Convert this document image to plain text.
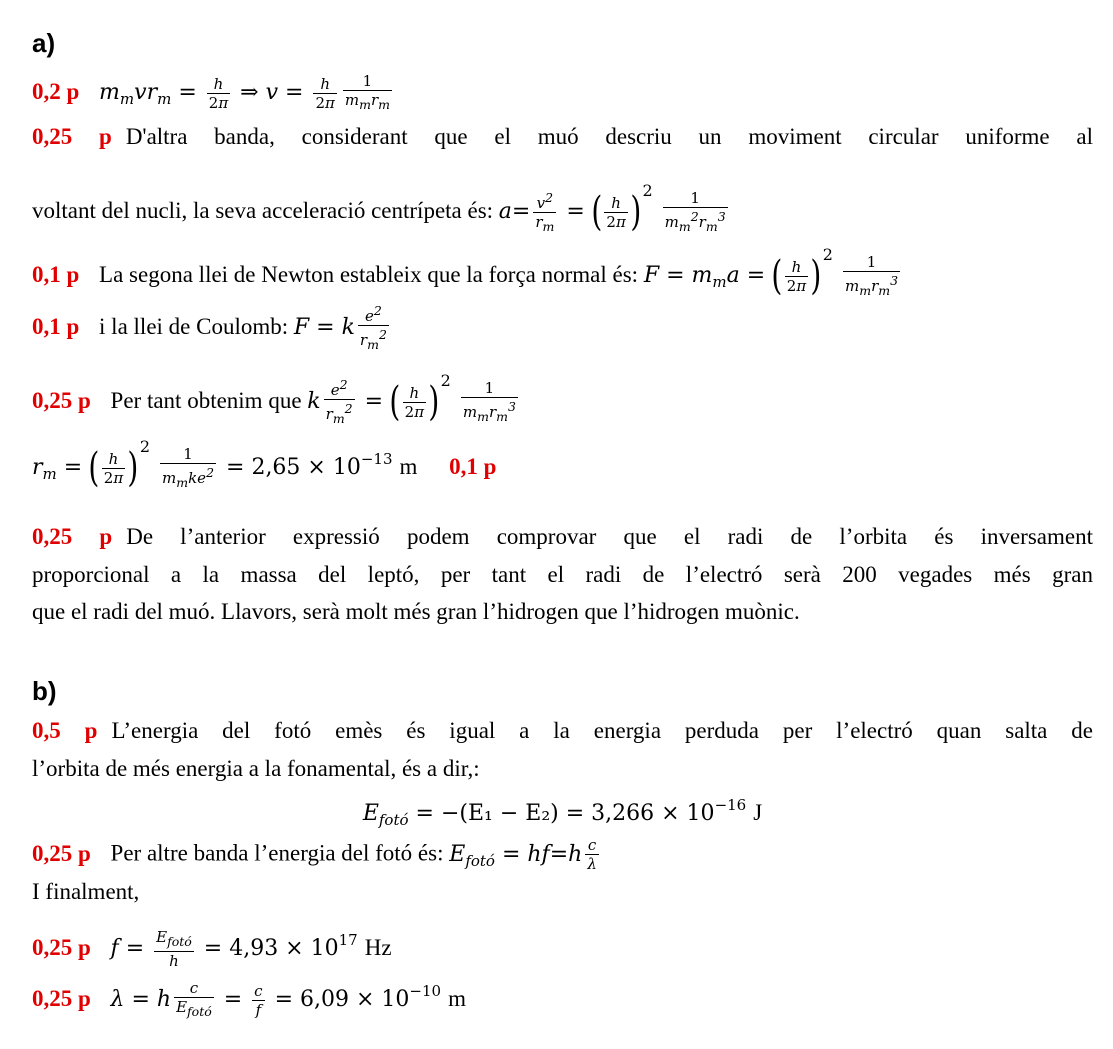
a)
0,2 p $m_mvr_m = \frac{h}{2\pi}$ ⇒ $v = \frac{h}{2\pi} \frac{1}{m_mr_m}$
0,25 p D'altra banda, considerant que el muó descriu un moviment circular uniforme al
voltant del nucli, la seva acceleració centrípeta és: $a= \frac{v^2}{r_m}$ = ( $\frac{h}{2\pi} )^2 \frac{1}{m_m^2r_m^3}$
0,1 p La segona llei de Newton estableix que la força normal és: $F = m_ma$ = ( $\frac{h}{2\pi} )^2 \frac{1}{m_mr_m^3}$
0,1 p i la llei de Coulomb: F = k $\frac{e^2}{r_m^2}$
0,25 p Per tant obtenim que k $\frac{e^2}{r_m^2}$ = ( $\frac{h}{2\pi} )^2 \frac{1}{m_mr_m^3}$
$r_m$ = ( $\frac{h}{2\pi} )^2 \frac{1}{m_mke^2} = 2,65 \times 10^{-13}$ m 0,1 p
0,25 p De l’anterior expressió podem comprovar que el radi de l’orbita és inversament
proporcional a la massa del leptó, per tant el radi de l’electró serà 200 vegades més gran
que el radi del muó. Llavors, serà molt més gran l’hidrogen que l’hidrogen muònic.
b)
0,5 p L’energia del fotó emès és igual a la energia perduda per l’electró quan salta de
l’orbita de més energia a la fonamental, és a dir,:
$E_{fotó} = -(E_1 - E_2) = 3,266 \times 10^{-16}$ J
0,25 p Per altre banda l’energia del fotó és: $E_{fotó} = hf=h \frac{c}{\lambda}$
I finalment,
0,25 p $f = \frac{E_{fotó}}{h} = 4,93 \times 10^{17}$ Hz
0,25 p λ = h $\frac{c}{E_{fotó}} = \frac{c}{f} = 6,09 \times 10^{-10}$ m
